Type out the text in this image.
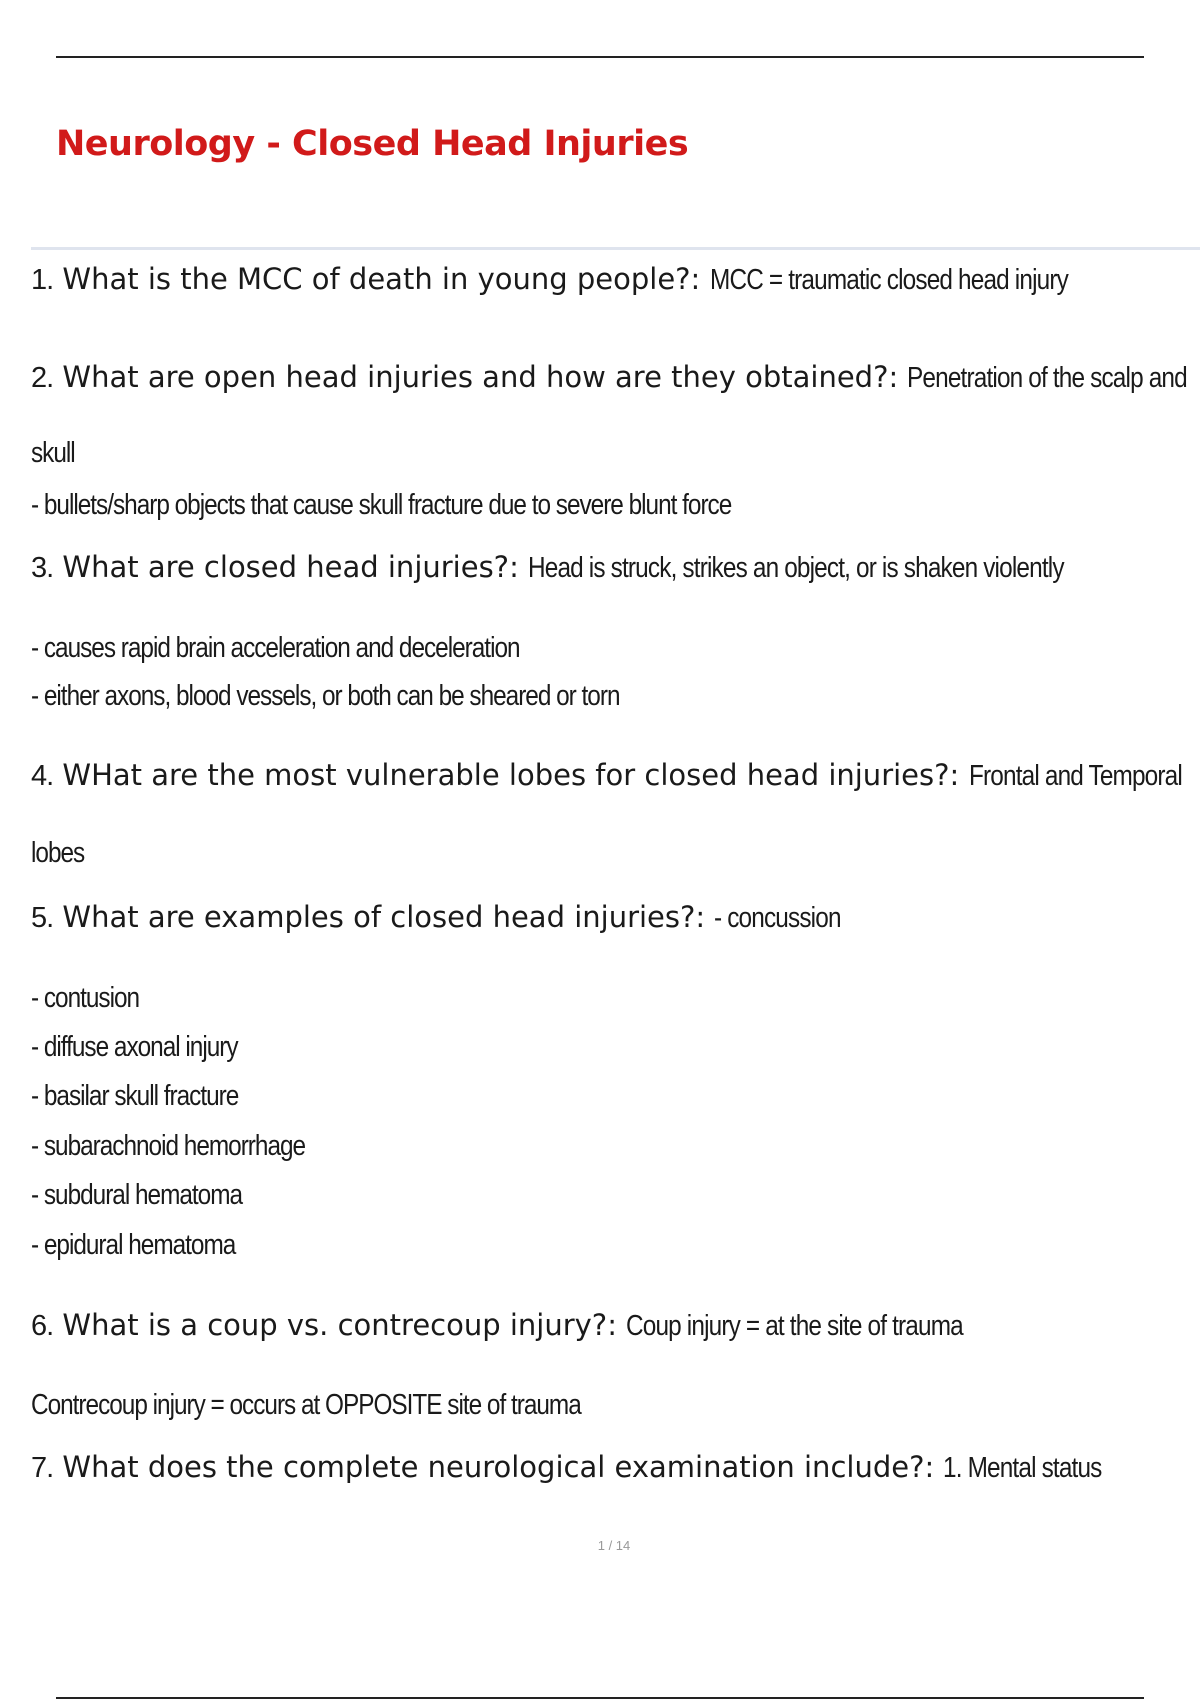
Neurology - Closed Head Injuries
1. What is the MCC of death in young people?: MCC = traumatic closed head injury
2. What are open head injuries and how are they obtained?: Penetration of the scalp and
skull
- bullets/sharp objects that cause skull fracture due to severe blunt force
3. What are closed head injuries?: Head is struck, strikes an object, or is shaken violently
- causes rapid brain acceleration and deceleration
- either axons, blood vessels, or both can be sheared or torn
4. WHat are the most vulnerable lobes for closed head injuries?: Frontal and Temporal
lobes
5. What are examples of closed head injuries?: - concussion
- contusion
- diffuse axonal injury
- basilar skull fracture
- subarachnoid hemorrhage
- subdural hematoma
- epidural hematoma
6. What is a coup vs. contrecoup injury?: Coup injury = at the site of trauma
Contrecoup injury = occurs at OPPOSITE site of trauma
7. What does the complete neurological examination include?: 1. Mental status
1 / 14
